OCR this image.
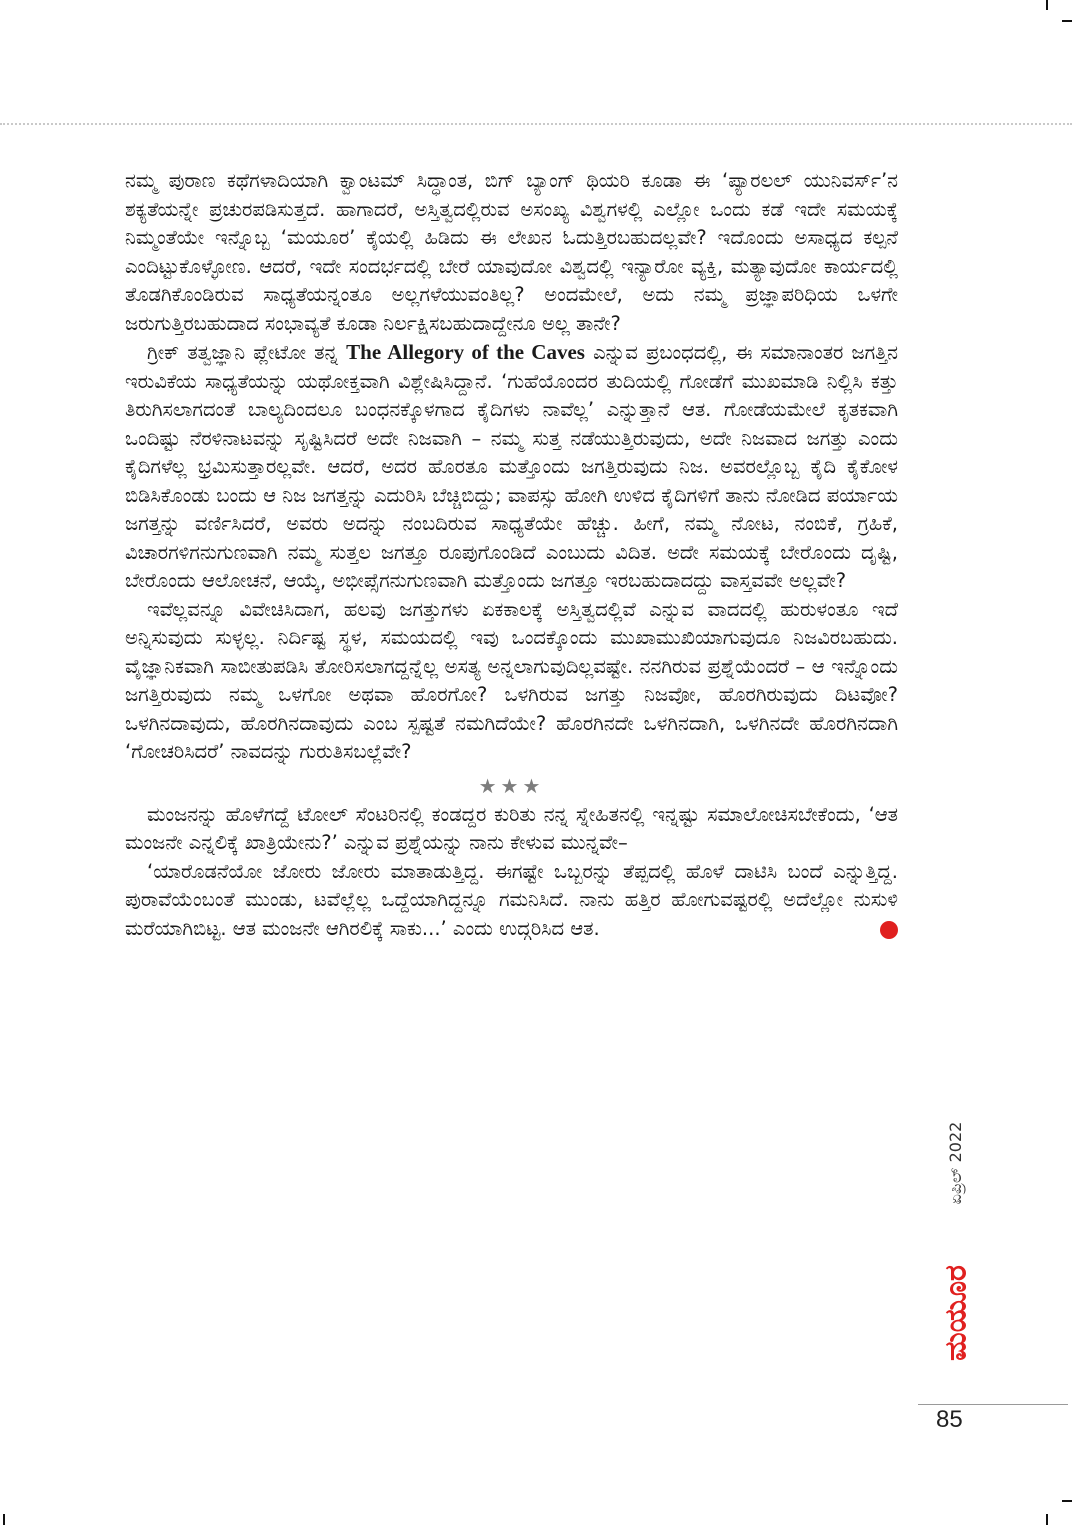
ನಮ್ಮ ಪುರಾಣ ಕಥೆಗಳಾದಿಯಾಗಿ ಕ್ವಾಂಟಮ್ ಸಿದ್ಧಾಂತ, ಬಿಗ್ ಬ್ಯಾಂಗ್ ಥಿಯರಿ ಕೂಡಾ ಈ ‘ಪ್ಯಾರಲಲ್ ಯುನಿವರ್ಸ್’ನ ಶಕ್ಯತೆಯನ್ನೇ ಪ್ರಚುರಪಡಿಸುತ್ತದೆ. ಹಾಗಾದರೆ, ಅಸ್ತಿತ್ವದಲ್ಲಿರುವ ಅಸಂಖ್ಯ ವಿಶ್ವಗಳಲ್ಲಿ ಎಲ್ಲೋ ಒಂದು ಕಡೆ ಇದೇ ಸಮಯಕ್ಕೆ ನಿಮ್ಮಂತೆಯೇ ಇನ್ನೊಬ್ಬ ‘ಮಯೂರ’ ಕೈಯಲ್ಲಿ ಹಿಡಿದು ಈ ಲೇಖನ ಓದುತ್ತಿರಬಹುದಲ್ಲವೇ? ಇದೊಂದು ಅಸಾಧ್ಯದ ಕಲ್ಪನೆ ಎಂದಿಟ್ಟುಕೊಳ್ಳೋಣ. ಆದರೆ, ಇದೇ ಸಂದರ್ಭದಲ್ಲಿ ಬೇರೆ ಯಾವುದೋ ವಿಶ್ವದಲ್ಲಿ ಇನ್ಯಾರೋ ವ್ಯಕ್ತಿ, ಮತ್ಯಾವುದೋ ಕಾರ್ಯದಲ್ಲಿ ತೊಡಗಿಕೊಂಡಿರುವ ಸಾಧ್ಯತೆಯನ್ನಂತೂ ಅಲ್ಲಗಳೆಯುವಂತಿಲ್ಲ? ಅಂದಮೇಲೆ, ಅದು ನಮ್ಮ ಪ್ರಜ್ಞಾಪರಿಧಿಯ ಒಳಗೇ ಜರುಗುತ್ತಿರಬಹುದಾದ ಸಂಭಾವ್ಯತೆ ಕೂಡಾ ನಿರ್ಲಕ್ಷಿಸಬಹುದಾದ್ದೇನೂ ಅಲ್ಲ ತಾನೇ?

ಗ್ರೀಕ್ ತತ್ವಜ್ಞಾನಿ ಪ್ಲೇಟೋ ತನ್ನ The Allegory of the Caves ಎನ್ನುವ ಪ್ರಬಂಧದಲ್ಲಿ, ಈ ಸಮಾನಾಂತರ ಜಗತ್ತಿನ ಇರುವಿಕೆಯ ಸಾಧ್ಯತೆಯನ್ನು ಯಥೋಕ್ತವಾಗಿ ವಿಶ್ಲೇಷಿಸಿದ್ದಾನೆ. ‘ಗುಹೆಯೊಂದರ ತುದಿಯಲ್ಲಿ ಗೋಡೆಗೆ ಮುಖಮಾಡಿ ನಿಲ್ಲಿಸಿ ಕತ್ತು ತಿರುಗಿಸಲಾಗದಂತೆ ಬಾಲ್ಯದಿಂದಲೂ ಬಂಧನಕ್ಕೊಳಗಾದ ಕೈದಿಗಳು ನಾವೆಲ್ಲ’ ಎನ್ನುತ್ತಾನೆ ಆತ. ಗೋಡೆಯಮೇಲೆ ಕೃತಕವಾಗಿ ಒಂದಿಷ್ಟು ನೆರಳಿನಾಟವನ್ನು ಸೃಷ್ಟಿಸಿದರೆ ಅದೇ ನಿಜವಾಗಿ – ನಮ್ಮ ಸುತ್ತ ನಡೆಯುತ್ತಿರುವುದು, ಅದೇ ನಿಜವಾದ ಜಗತ್ತು ಎಂದು ಕೈದಿಗಳೆಲ್ಲ ಭ್ರಮಿಸುತ್ತಾರಲ್ಲವೇ. ಆದರೆ, ಅದರ ಹೊರತೂ ಮತ್ತೊಂದು ಜಗತ್ತಿರುವುದು ನಿಜ. ಅವರಲ್ಲೊಬ್ಬ ಕೈದಿ ಕೈಕೋಳ ಬಿಡಿಸಿಕೊಂಡು ಬಂದು ಆ ನಿಜ ಜಗತ್ತನ್ನು ಎದುರಿಸಿ ಬೆಚ್ಚಿಬಿದ್ದು; ವಾಪಸ್ಸು ಹೋಗಿ ಉಳಿದ ಕೈದಿಗಳಿಗೆ ತಾನು ನೋಡಿದ ಪರ್ಯಾಯ ಜಗತ್ತನ್ನು ವರ್ಣಿಸಿದರೆ, ಅವರು ಅದನ್ನು ನಂಬದಿರುವ ಸಾಧ್ಯತೆಯೇ ಹೆಚ್ಚು. ಹೀಗೆ, ನಮ್ಮ ನೋಟ, ನಂಬಿಕೆ, ಗ್ರಹಿಕೆ, ವಿಚಾರಗಳಿಗನುಗುಣವಾಗಿ ನಮ್ಮ ಸುತ್ತಲ ಜಗತ್ತೂ ರೂಪುಗೊಂಡಿದೆ ಎಂಬುದು ವಿದಿತ. ಅದೇ ಸಮಯಕ್ಕೆ ಬೇರೊಂದು ದೃಷ್ಟಿ, ಬೇರೊಂದು ಆಲೋಚನೆ, ಆಯ್ಕೆ, ಅಭೀಪ್ಸೆಗನುಗುಣವಾಗಿ ಮತ್ತೊಂದು ಜಗತ್ತೂ ಇರಬಹುದಾದದ್ದು ವಾಸ್ತವವೇ ಅಲ್ಲವೇ?

ಇವೆಲ್ಲವನ್ನೂ ವಿವೇಚಿಸಿದಾಗ, ಹಲವು ಜಗತ್ತುಗಳು ಏಕಕಾಲಕ್ಕೆ ಅಸ್ತಿತ್ವದಲ್ಲಿವೆ ಎನ್ನುವ ವಾದದಲ್ಲಿ ಹುರುಳಂತೂ ಇದೆ ಅನ್ನಿಸುವುದು ಸುಳ್ಳಲ್ಲ. ನಿರ್ದಿಷ್ಟ ಸ್ಥಳ, ಸಮಯದಲ್ಲಿ ಇವು ಒಂದಕ್ಕೊಂದು ಮುಖಾಮುಖಿಯಾಗುವುದೂ ನಿಜವಿರಬಹುದು. ವೈಜ್ಞಾನಿಕವಾಗಿ ಸಾಬೀತುಪಡಿಸಿ ತೋರಿಸಲಾಗದ್ದನ್ನೆಲ್ಲ ಅಸತ್ಯ ಅನ್ನಲಾಗುವುದಿಲ್ಲವಷ್ಟೇ. ನನಗಿರುವ ಪ್ರಶ್ನೆಯೆಂದರೆ – ಆ ಇನ್ನೊಂದು ಜಗತ್ತಿರುವುದು ನಮ್ಮ ಒಳಗೋ ಅಥವಾ ಹೊರಗೋ? ಒಳಗಿರುವ ಜಗತ್ತು ನಿಜವೋ, ಹೊರಗಿರುವುದು ದಿಟವೋ? ಒಳಗಿನದಾವುದು, ಹೊರಗಿನದಾವುದು ಎಂಬ ಸ್ಪಷ್ಟತೆ ನಮಗಿದೆಯೇ? ಹೊರಗಿನದೇ ಒಳಗಿನದಾಗಿ, ಒಳಗಿನದೇ ಹೊರಗಿನದಾಗಿ ‘ಗೋಚರಿಸಿದರೆ’ ನಾವದನ್ನು ಗುರುತಿಸಬಲ್ಲೆವೇ?

★★★

ಮಂಜನನ್ನು ಹೊಳೆಗದ್ದೆ ಟೋಲ್ ಸೆಂಟರಿನಲ್ಲಿ ಕಂಡದ್ದರ ಕುರಿತು ನನ್ನ ಸ್ನೇಹಿತನಲ್ಲಿ ಇನ್ನಷ್ಟು ಸಮಾಲೋಚಿಸಬೇಕೆಂದು, ‘ಆತ ಮಂಜನೇ ಎನ್ನಲಿಕ್ಕೆ ಖಾತ್ರಿಯೇನು?’ ಎನ್ನುವ ಪ್ರಶ್ನೆಯನ್ನು ನಾನು ಕೇಳುವ ಮುನ್ನವೇ–

‘ಯಾರೊಡನೆಯೋ ಜೋರು ಜೋರು ಮಾತಾಡುತ್ತಿದ್ದ. ಈಗಷ್ಟೇ ಒಬ್ಬರನ್ನು ತೆಪ್ಪದಲ್ಲಿ ಹೊಳೆ ದಾಟಿಸಿ ಬಂದೆ ಎನ್ನುತ್ತಿದ್ದ. ಪುರಾವೆಯೆಂಬಂತೆ ಮುಂಡು, ಟವೆಲ್ಲೆಲ್ಲ ಒದ್ದೆಯಾಗಿದ್ದನ್ನೂ ಗಮನಿಸಿದೆ. ನಾನು ಹತ್ತಿರ ಹೋಗುವಷ್ಟರಲ್ಲಿ ಅದೆಲ್ಲೋ ನುಸುಳಿ ಮರೆಯಾಗಿಬಿಟ್ಟ. ಆತ ಮಂಜನೇ ಆಗಿರಲಿಕ್ಕೆ ಸಾಕು...’ ಎಂದು ಉದ್ಗರಿಸಿದ ಆತ.

ಏಪ್ರಿಲ್ 2022
ಮಯೂರ
85
